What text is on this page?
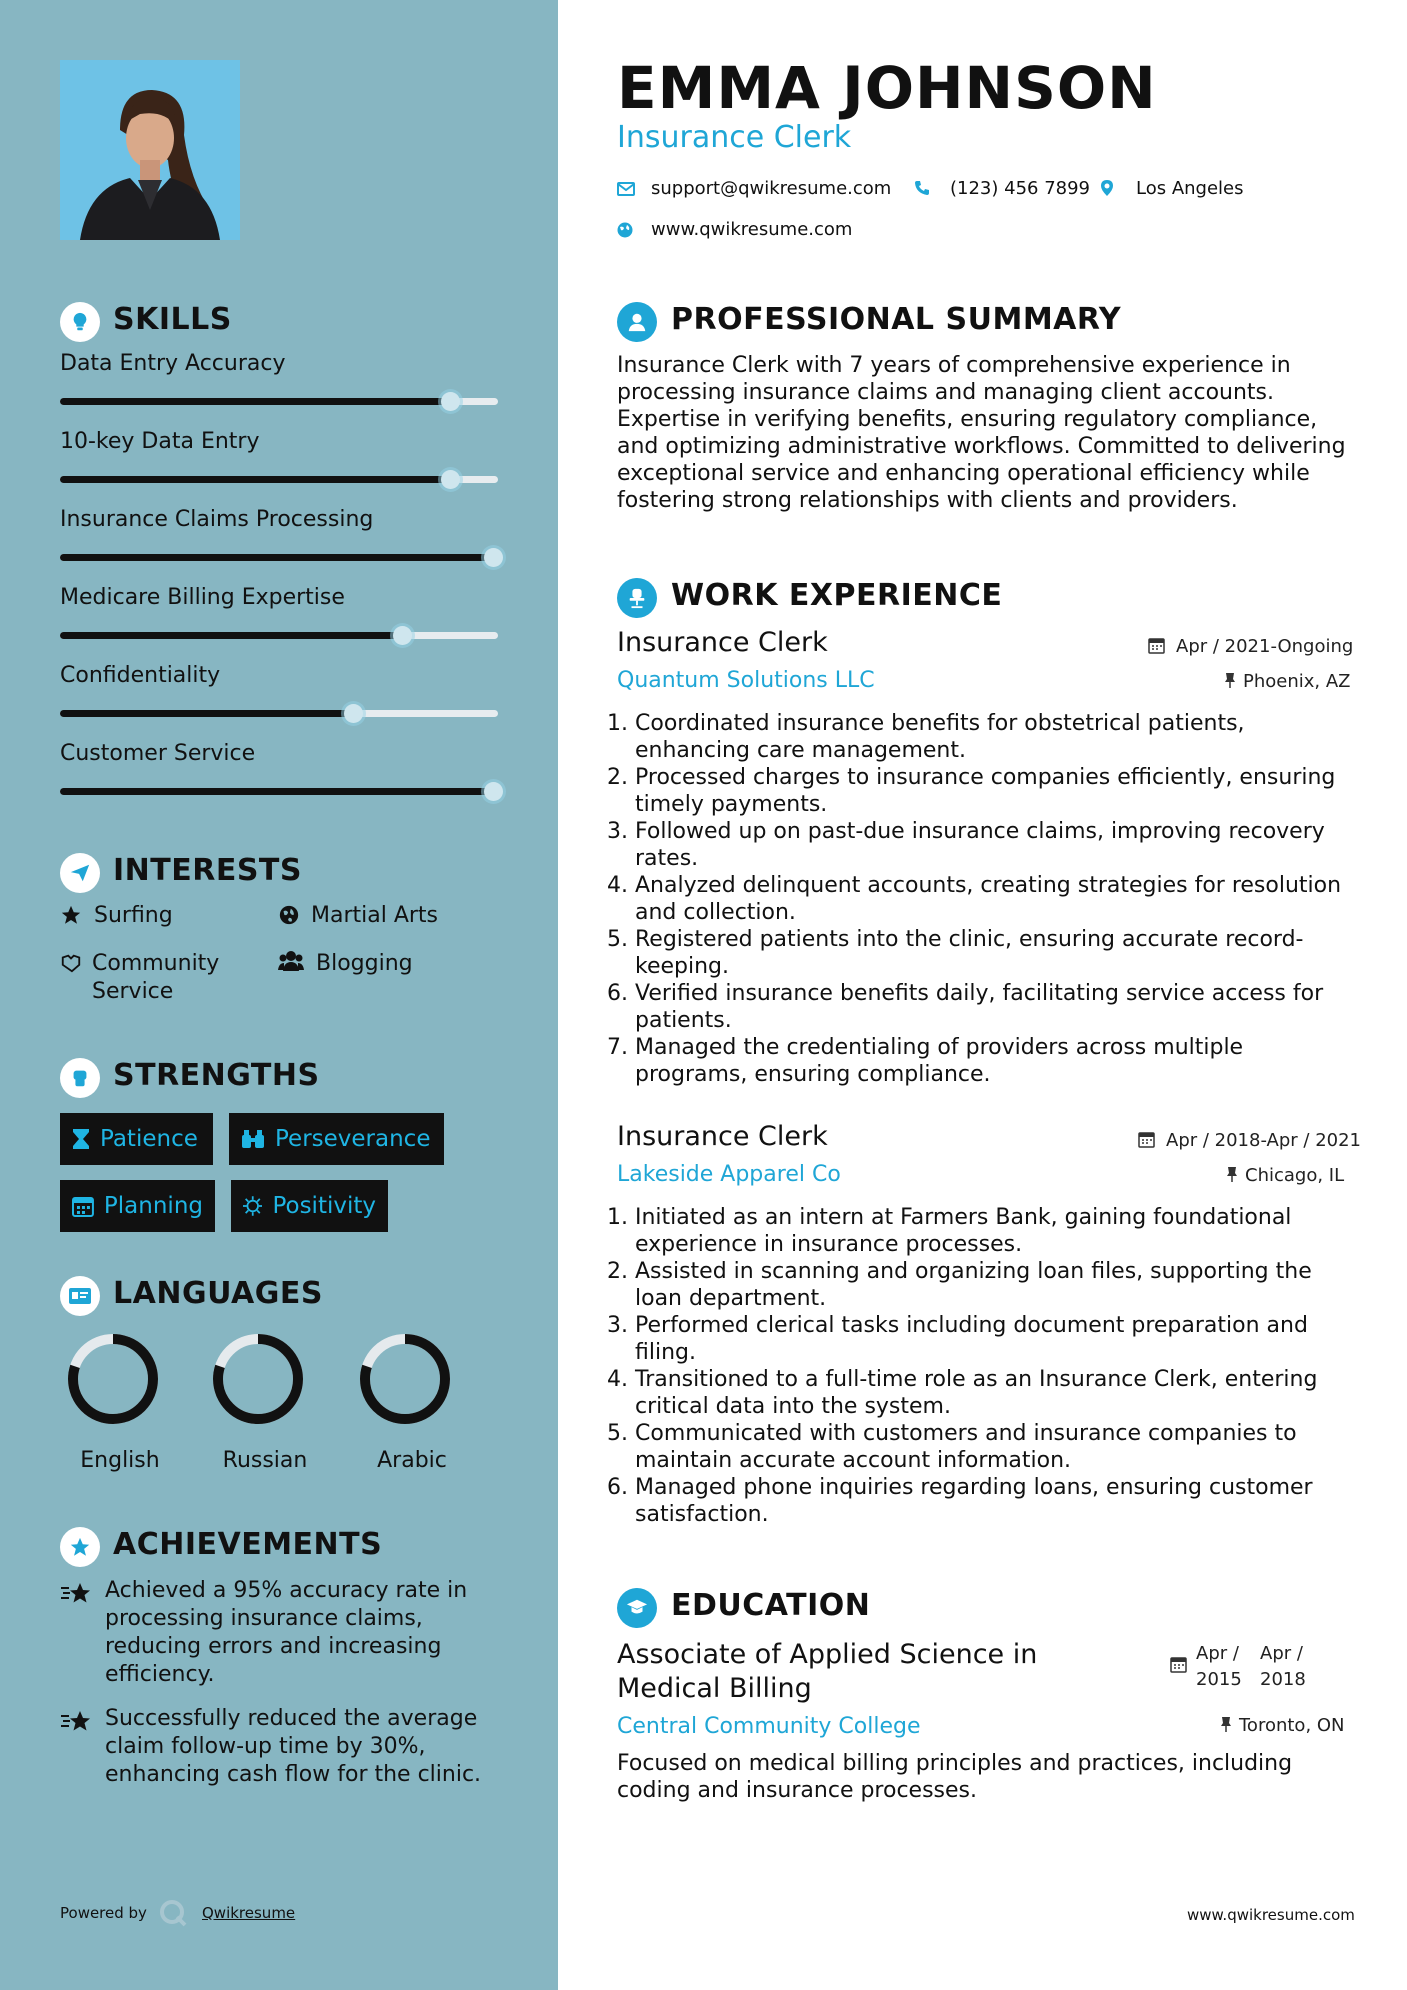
SKILLS
Data Entry Accuracy
10-key Data Entry
Insurance Claims Processing
Medicare Billing Expertise
Confidentiality
Customer Service
INTERESTS
Surfing	Martial Arts
Community Service
Blogging
STRENGTHS
Patience	Perseverance
Planning	Positivity
LANGUAGES
English	Russian	Arabic
ACHIEVEMENTS
Achieved a 95% accuracy rate in processing insurance claims, reducing errors and increasing efficiency.
Successfully reduced the average claim follow-up time by 30%, enhancing cash flow for the clinic.
Powered by	Qwikresume
EMMA JOHNSON
Insurance Clerk
support@qwikresume.com	(123) 456 7899	Los Angeles
www.qwikresume.com
PROFESSIONAL SUMMARY
Insurance Clerk with 7 years of comprehensive experience in processing insurance claims and managing client accounts. Expertise in verifying benefits, ensuring regulatory compliance, and optimizing administrative workflows. Committed to delivering exceptional service and enhancing operational efficiency while fostering strong relationships with clients and providers.
WORK EXPERIENCE
Insurance Clerk
Quantum Solutions LLC
Apr / 2021-Ongoing
Phoenix, AZ
1. Coordinated insurance benefits for obstetrical patients, enhancing care management.
2. Processed charges to insurance companies efficiently, ensuring timely payments.
3. Followed up on past-due insurance claims, improving recovery rates.
4. Analyzed delinquent accounts, creating strategies for resolution and collection.
5. Registered patients into the clinic, ensuring accurate record-keeping.
6. Verified insurance benefits daily, facilitating service access for patients.
7. Managed the credentialing of providers across multiple programs, ensuring compliance.
Insurance Clerk
Lakeside Apparel Co
Apr / 2018-Apr / 2021
Chicago, IL
1. Initiated as an intern at Farmers Bank, gaining foundational experience in insurance processes.
2. Assisted in scanning and organizing loan files, supporting the loan department.
3. Performed clerical tasks including document preparation and filing.
4. Transitioned to a full-time role as an Insurance Clerk, entering critical data into the system.
5. Communicated with customers and insurance companies to maintain accurate account information.
6. Managed phone inquiries regarding loans, ensuring customer satisfaction.
EDUCATION
Associate of Applied Science in Medical Billing
Central Community College
Apr / 2015
Apr / 2018
Toronto, ON
Focused on medical billing principles and practices, including coding and insurance processes.
www.qwikresume.com
